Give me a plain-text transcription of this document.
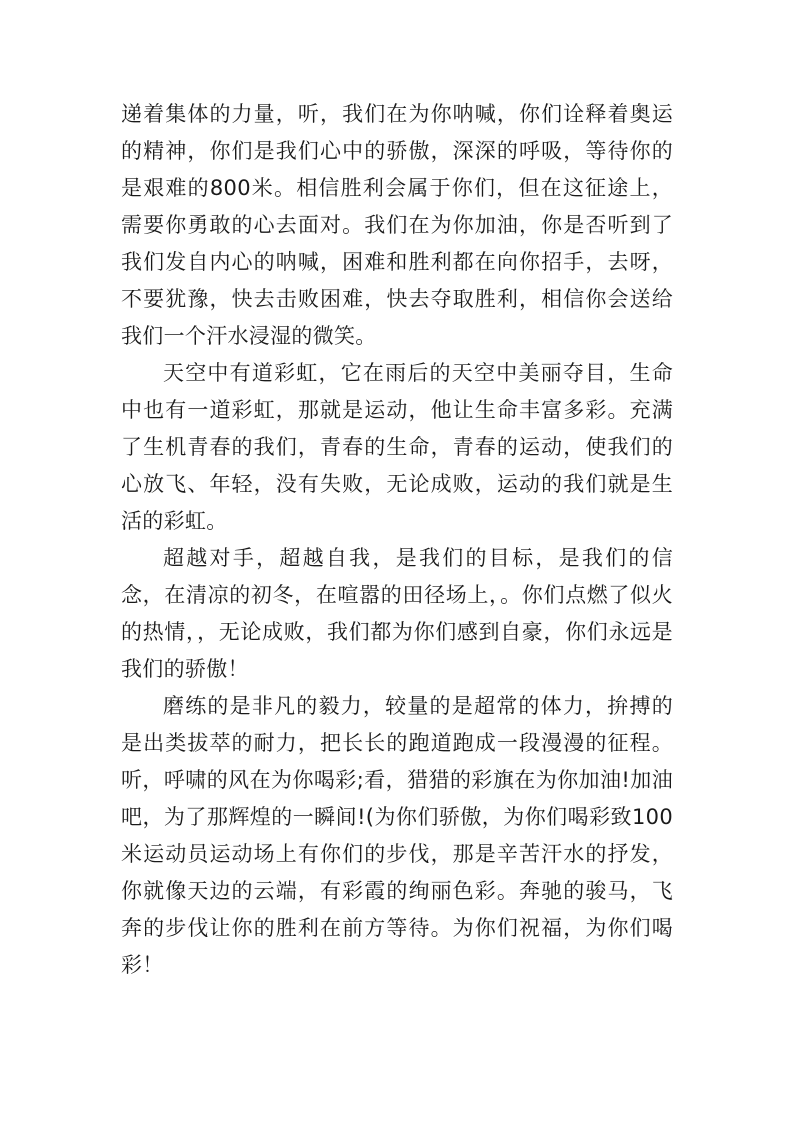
递着集体的力量，听，我们在为你呐喊，你们诠释着奥运的精神，你们是我们心中的骄傲，深深的呼吸，等待你的是艰难的800米。相信胜利会属于你们，但在这征途上，需要你勇敢的心去面对。我们在为你加油，你是否听到了我们发自内心的呐喊，困难和胜利都在向你招手，去呀，不要犹豫，快去击败困难，快去夺取胜利，相信你会送给我们一个汗水浸湿的微笑。

天空中有道彩虹，它在雨后的天空中美丽夺目，生命中也有一道彩虹，那就是运动，他让生命丰富多彩。充满了生机青春的我们，青春的生命，青春的运动，使我们的心放飞、年轻，没有失败，无论成败，运动的我们就是生活的彩虹。

超越对手，超越自我，是我们的目标，是我们的信念，在清凉的初冬，在喧嚣的田径场上，。你们点燃了似火的热情，，无论成败，我们都为你们感到自豪，你们永远是我们的骄傲！

磨练的是非凡的毅力，较量的是超常的体力，拚搏的是出类拔萃的耐力，把长长的跑道跑成一段漫漫的征程。听，呼啸的风在为你喝彩;看，猎猎的彩旗在为你加油!加油吧，为了那辉煌的一瞬间!(为你们骄傲，为你们喝彩致100米运动员运动场上有你们的步伐，那是辛苦汗水的抒发，你就像天边的云端，有彩霞的绚丽色彩。奔驰的骏马，飞奔的步伐让你的胜利在前方等待。为你们祝福，为你们喝彩！
